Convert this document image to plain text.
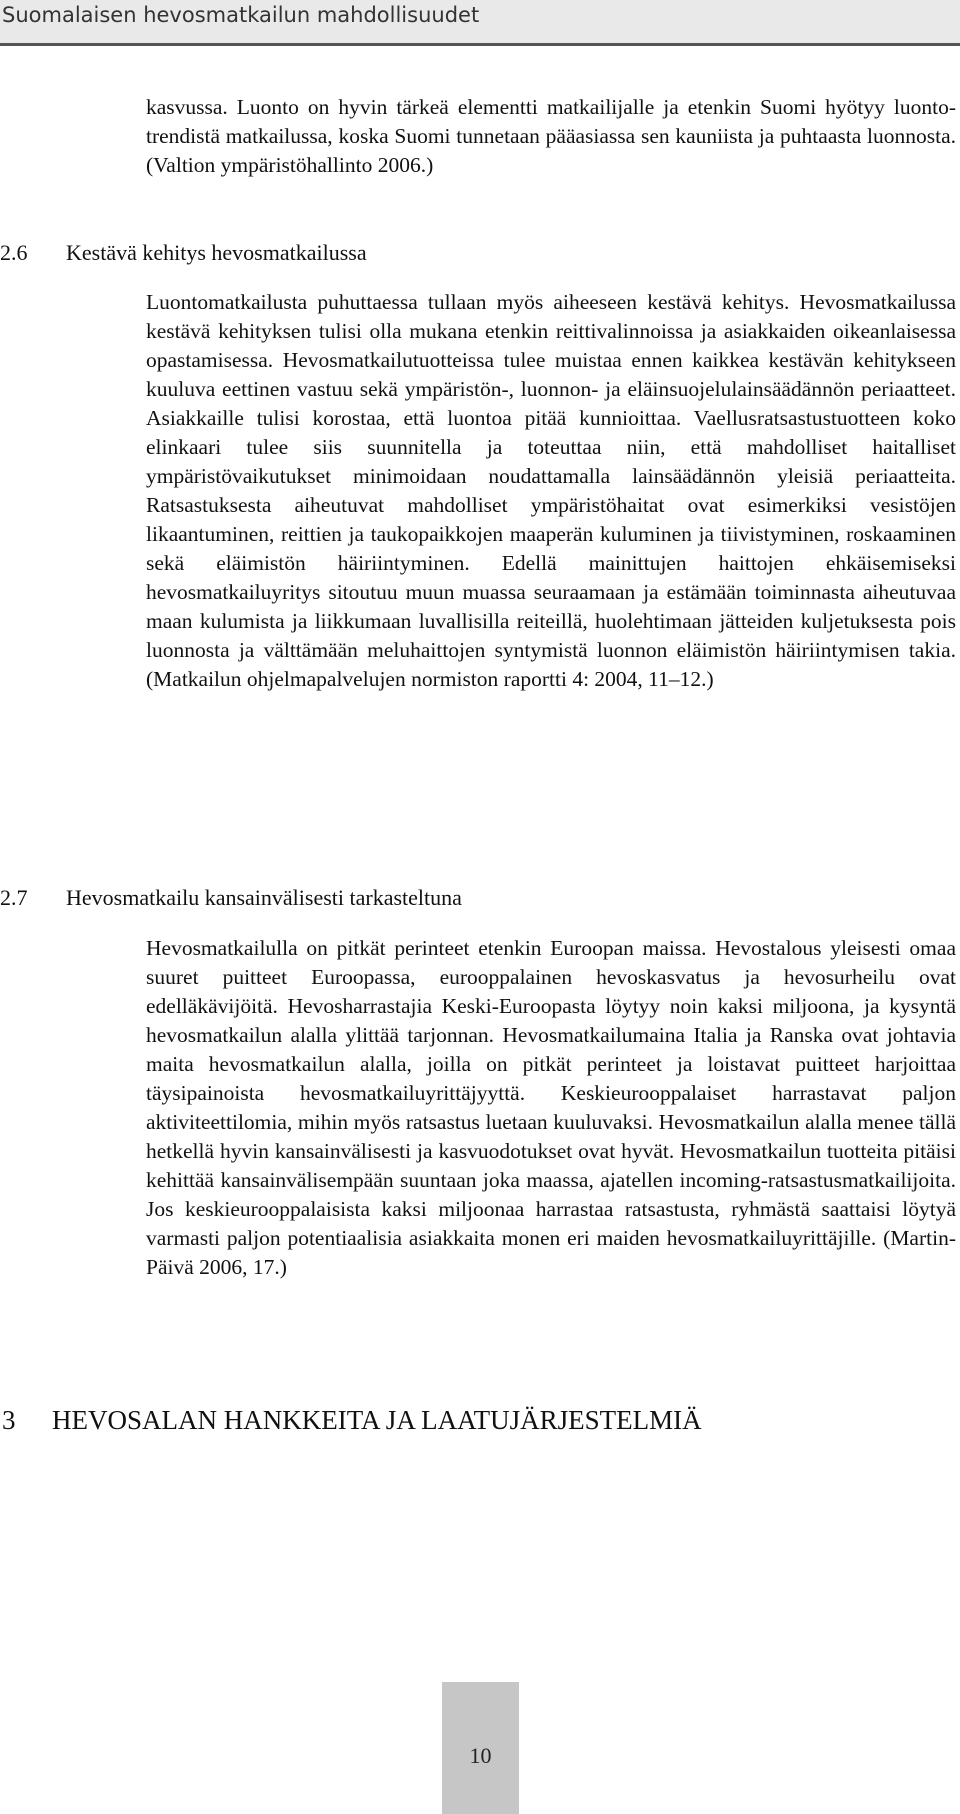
Suomalaisen hevosmatkailun mahdollisuudet

kasvussa. Luonto on hyvin tärkeä elementti matkailijalle ja etenkin Suomi hyötyy luonto-trendistä matkailussa, koska Suomi tunnetaan pääasiassa sen kauniista ja puhtaasta luonnosta. (Valtion ympäristöhallinto 2006.)

2.6 Kestävä kehitys hevosmatkailussa

Luontomatkailusta puhuttaessa tullaan myös aiheeseen kestävä kehitys. Hevosmatkailussa kestävä kehityksen tulisi olla mukana etenkin reittivalinnoissa ja asiakkaiden oikeanlaisessa opastamisessa. Hevosmatkailutuotteissa tulee muistaa ennen kaikkea kestävän kehitykseen kuuluva eettinen vastuu sekä ympäristön-, luonnon- ja eläinsuojelulainsäädännön periaatteet. Asiakkaille tulisi korostaa, että luontoa pitää kunnioittaa. Vaellusratsastustuotteen koko elinkaari tulee siis suunnitella ja toteuttaa niin, että mahdolliset haitalliset ympäristövaikutukset minimoidaan noudattamalla lainsäädännön yleisiä periaatteita. Ratsastuksesta aiheutuvat mahdolliset ympäristöhaitat ovat esimerkiksi vesistöjen likaantuminen, reittien ja taukopaikkojen maaperän kuluminen ja tiivistyminen, roskaaminen sekä eläimistön häiriintyminen. Edellä mainittujen haittojen ehkäisemiseksi hevosmatkailuyritys sitoutuu muun muassa seuraamaan ja estämään toiminnasta aiheutuvaa maan kulumista ja liikkumaan luvallisilla reiteillä, huolehtimaan jätteiden kuljetuksesta pois luonnosta ja välttämään meluhaittojen syntymistä luonnon eläimistön häiriintymisen takia. (Matkailun ohjelmapalvelujen normiston raportti 4: 2004, 11–12.)

2.7 Hevosmatkailu kansainvälisesti tarkasteltuna

Hevosmatkailulla on pitkät perinteet etenkin Euroopan maissa. Hevostalous yleisesti omaa suuret puitteet Euroopassa, eurooppalainen hevoskasvatus ja hevosurheilu ovat edelläkävijöitä. Hevosharrastajia Keski-Euroopasta löytyy noin kaksi miljoona, ja kysyntä hevosmatkailun alalla ylittää tarjonnan. Hevosmatkailumaina Italia ja Ranska ovat johtavia maita hevosmatkailun alalla, joilla on pitkät perinteet ja loistavat puitteet harjoittaa täysipainoista hevosmatkailuyrittäjyyttä. Keskieurooppalaiset harrastavat paljon aktiviteettilomia, mihin myös ratsastus luetaan kuuluvaksi. Hevosmatkailun alalla menee tällä hetkellä hyvin kansainvälisesti ja kasvuodotukset ovat hyvät. Hevosmatkailun tuotteita pitäisi kehittää kansainvälisempään suuntaan joka maassa, ajatellen incoming-ratsastusmatkailijoita. Jos keskieurooppalaisista kaksi miljoonaa harrastaa ratsastusta, ryhmästä saattaisi löytyä varmasti paljon potentiaalisia asiakkaita monen eri maiden hevosmatkailuyrittäjille. (Martin-Päivä 2006, 17.)

3 HEVOSALAN HANKKEITA JA LAATUJÄRJESTELMIÄ
10
